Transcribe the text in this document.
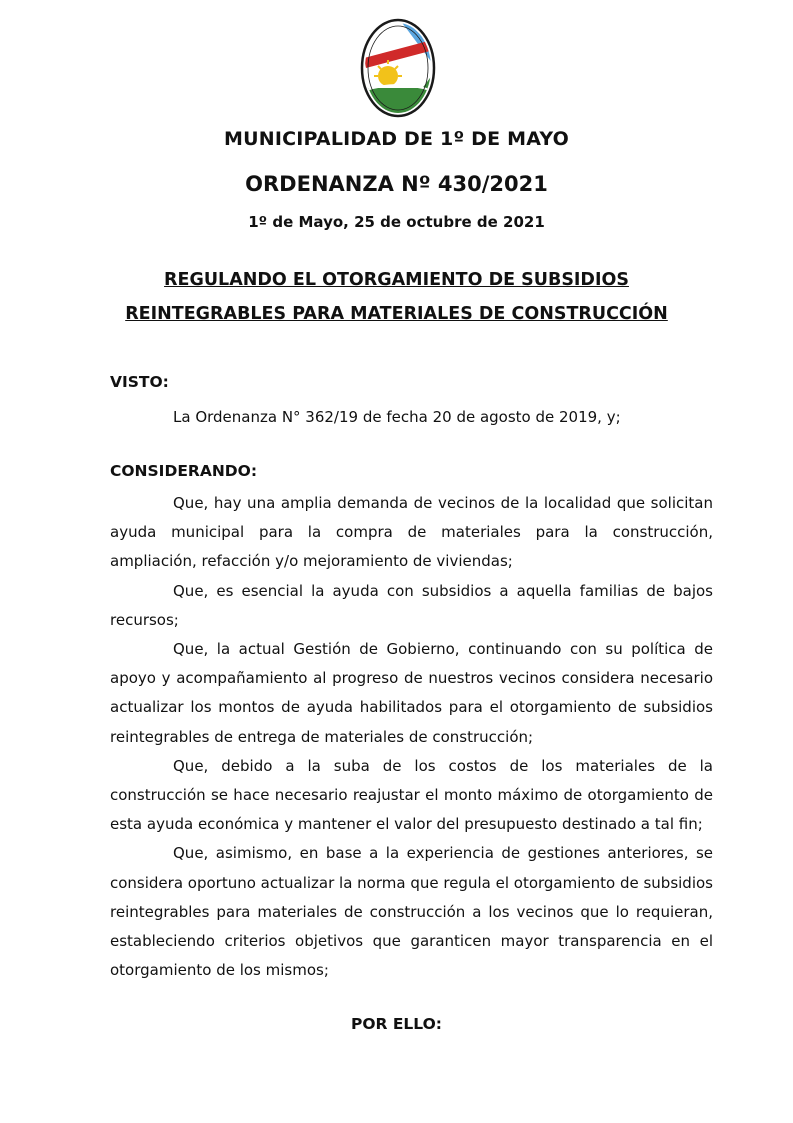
MUNICIPALIDAD DE 1º DE MAYO

ORDENANZA Nº 430/2021

1º de Mayo, 25 de octubre de 2021

REGULANDO EL OTORGAMIENTO DE SUBSIDIOS

REINTEGRABLES PARA MATERIALES DE CONSTRUCCIÓN

VISTO:

La Ordenanza N° 362/19 de fecha 20 de agosto de 2019, y;

CONSIDERANDO:

Que, hay una amplia demanda de vecinos de la localidad que solicitan ayuda municipal para la compra de materiales para la construcción, ampliación, refacción y/o mejoramiento de viviendas;

Que, es esencial la ayuda con subsidios a aquella familias de bajos recursos;

Que, la actual Gestión de Gobierno, continuando con su política de apoyo y acompañamiento al progreso de nuestros vecinos considera necesario actualizar los montos de ayuda habilitados para el otorgamiento de subsidios reintegrables de entrega de materiales de construcción;

Que, debido a la suba de los costos de los materiales de la construcción se hace necesario reajustar el monto máximo de otorgamiento de esta ayuda económica y mantener el valor del presupuesto destinado a tal fin;

Que, asimismo, en base a la experiencia de gestiones anteriores, se considera oportuno actualizar la norma que regula el otorgamiento de subsidios reintegrables para materiales de construcción a los vecinos que lo requieran, estableciendo criterios objetivos que garanticen mayor transparencia en el otorgamiento de los mismos;

POR ELLO:
